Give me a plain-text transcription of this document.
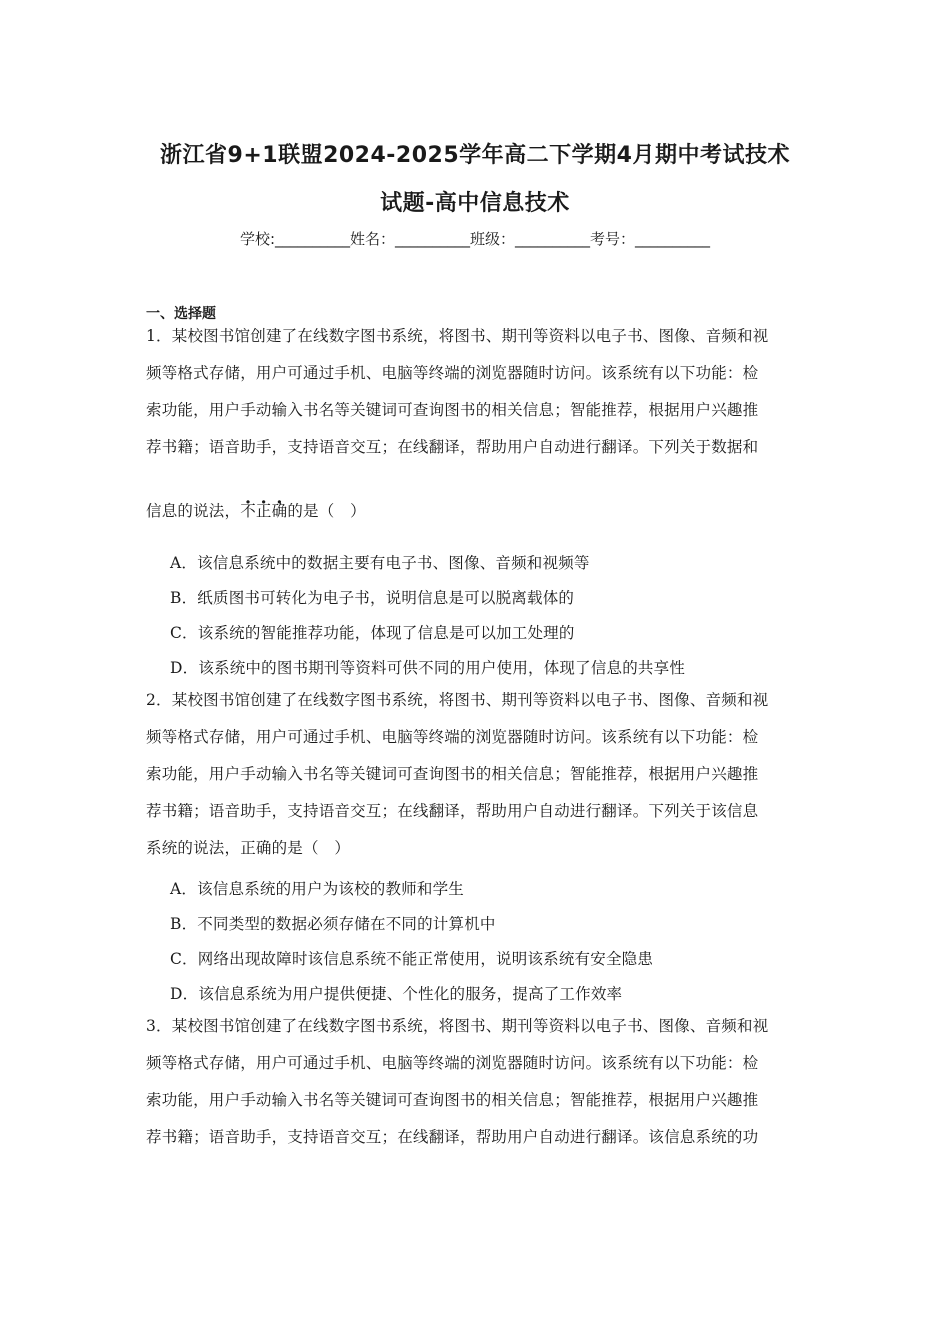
浙江省9+1联盟2024-2025学年高二下学期4月期中考试技术
试题-高中信息技术
学校:__________姓名：__________班级：__________考号：__________
一、选择题
1．某校图书馆创建了在线数字图书系统，将图书、期刊等资料以电子书、图像、音频和视
频等格式存储，用户可通过手机、电脑等终端的浏览器随时访问。该系统有以下功能：检
索功能，用户手动输入书名等关键词可查询图书的相关信息；智能推荐，根据用户兴趣推
荐书籍；语音助手，支持语音交互；在线翻译，帮助用户自动进行翻译。下列关于数据和
信息的说法，不正确的是（　）
A．该信息系统中的数据主要有电子书、图像、音频和视频等
B．纸质图书可转化为电子书，说明信息是可以脱离载体的
C．该系统的智能推荐功能，体现了信息是可以加工处理的
D．该系统中的图书期刊等资料可供不同的用户使用，体现了信息的共享性
2．某校图书馆创建了在线数字图书系统，将图书、期刊等资料以电子书、图像、音频和视
频等格式存储，用户可通过手机、电脑等终端的浏览器随时访问。该系统有以下功能：检
索功能，用户手动输入书名等关键词可查询图书的相关信息；智能推荐，根据用户兴趣推
荐书籍；语音助手，支持语音交互；在线翻译，帮助用户自动进行翻译。下列关于该信息
系统的说法，正确的是（　）
A．该信息系统的用户为该校的教师和学生
B．不同类型的数据必须存储在不同的计算机中
C．网络出现故障时该信息系统不能正常使用，说明该系统有安全隐患
D．该信息系统为用户提供便捷、个性化的服务，提高了工作效率
3．某校图书馆创建了在线数字图书系统，将图书、期刊等资料以电子书、图像、音频和视
频等格式存储，用户可通过手机、电脑等终端的浏览器随时访问。该系统有以下功能：检
索功能，用户手动输入书名等关键词可查询图书的相关信息；智能推荐，根据用户兴趣推
荐书籍；语音助手，支持语音交互；在线翻译，帮助用户自动进行翻译。该信息系统的功
